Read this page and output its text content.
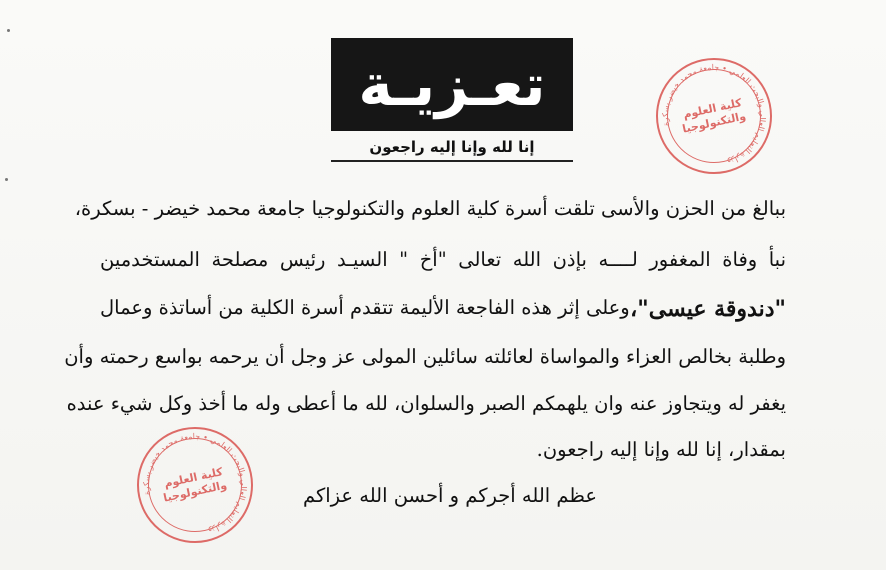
تعـزيـة
إنا لله وإنا إليه راجعون
ببالغ من الحزن والأسى تلقت أسرة كلية العلوم والتكنولوجيا جامعة محمد خيضر - بسكرة،
نبأ وفاة المغفور لــــه بإذن الله تعالى "أخ " السيـد رئيس مصلحة المستخدمين
"دندوقة عيسى"،
وعلى إثر هذه الفاجعة الأليمة تتقدم أسرة الكلية من أساتذة وعمال
وطلبة بخالص العزاء والمواساة لعائلته سائلين المولى عز وجل أن يرحمه بواسع رحمته وأن
يغفر له ويتجاوز عنه وان يلهمكم الصبر والسلوان، لله ما أعطى وله ما أخذ وكل شيء عنده
بمقدار، إنا لله وإنا إليه راجعون.
عظم الله أجركم و أحسن الله عزاكم
وزارة التعليم العالي والبحث العلمي • جامعة محمد خيضر بسكرة
كلية العلوم والتكنولوجيا
وزارة التعليم العالي والبحث العلمي • جامعة محمد خيضر بسكرة
كلية العلوم والتكنولوجيا
